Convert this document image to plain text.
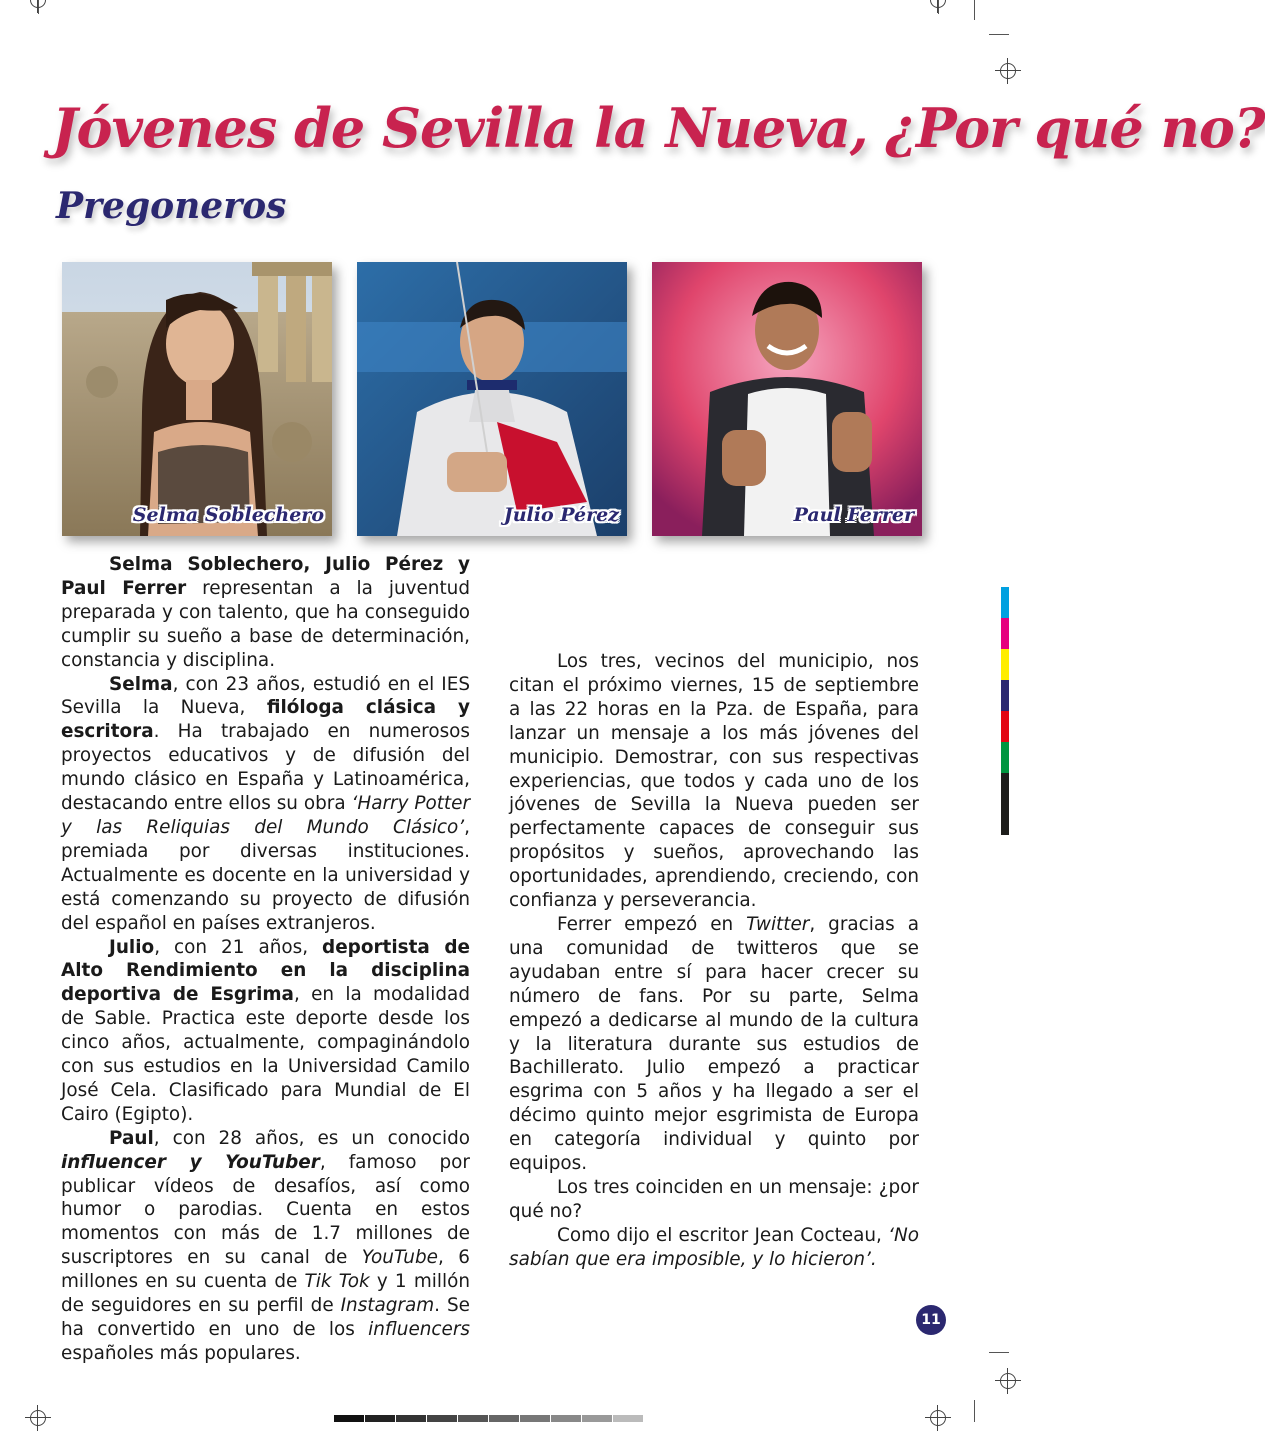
Jóvenes de Sevilla la Nueva, ¿Por qué no?
Pregoneros
Selma Soblechero	Julio Pérez	Paul Ferrer

Selma Soblechero, Julio Pérez y Paul Ferrer representan a la juventud preparada y con talento, que ha conseguido cumplir su sueño a base de determinación, constancia y disciplina.

Selma, con 23 años, estudió en el IES Sevilla la Nueva, filóloga clásica y escritora. Ha trabajado en numerosos proyectos educativos y de difusión del mundo clásico en España y Latinoamérica, destacando entre ellos su obra ‘Harry Potter y las Reliquias del Mundo Clásico’, premiada por diversas instituciones. Actualmente es docente en la universidad y está comenzando su proyecto de difusión del español en países extranjeros.

Julio, con 21 años, deportista de Alto Rendimiento en la disciplina deportiva de Esgrima, en la modalidad de Sable. Practica este deporte desde los cinco años, actualmente, compaginándolo con sus estudios en la Universidad Camilo José Cela. Clasificado para Mundial de El Cairo (Egipto).

Paul, con 28 años, es un conocido influencer y YouTuber, famoso por publicar vídeos de desafíos, así como humor o parodias. Cuenta en estos momentos con más de 1.7 millones de suscriptores en su canal de YouTube, 6 millones en su cuenta de Tik Tok y 1 millón de seguidores en su perfil de Instagram. Se ha convertido en uno de los influencers españoles más populares.

Los tres, vecinos del municipio, nos citan el próximo viernes, 15 de septiembre a las 22 horas en la Pza. de España, para lanzar un mensaje a los más jóvenes del municipio. Demostrar, con sus respectivas experiencias, que todos y cada uno de los jóvenes de Sevilla la Nueva pueden ser perfectamente capaces de conseguir sus propósitos y sueños, aprovechando las oportunidades, aprendiendo, creciendo, con confianza y perseverancia.

Ferrer empezó en Twitter, gracias a una comunidad de twitteros que se ayudaban entre sí para hacer crecer su número de fans. Por su parte, Selma empezó a dedicarse al mundo de la cultura y la literatura durante sus estudios de Bachillerato. Julio empezó a practicar esgrima con 5 años y ha llegado a ser el décimo quinto mejor esgrimista de Europa en categoría individual y quinto por equipos.

Los tres coinciden en un mensaje: ¿por qué no?

Como dijo el escritor Jean Cocteau, ‘No sabían que era imposible, y lo hicieron’.

11
